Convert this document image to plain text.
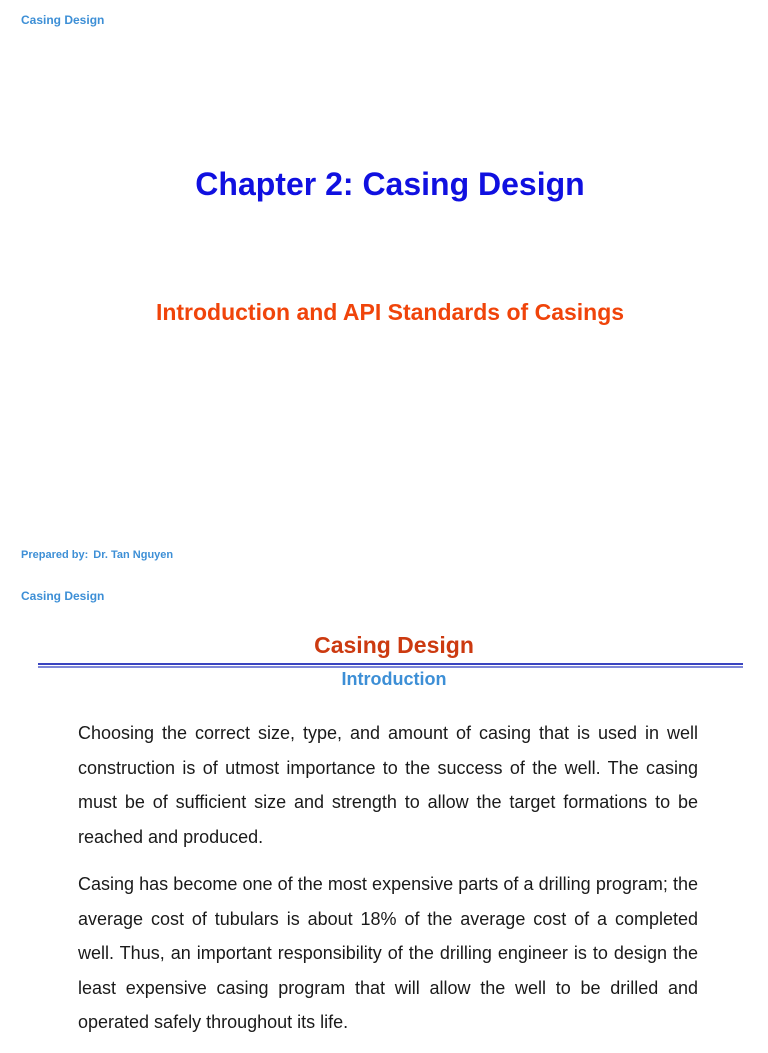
Casing Design
Chapter 2: Casing Design
Introduction and API Standards of Casings
Prepared by: Dr. Tan Nguyen
Casing Design
Casing Design
Introduction

Choosing the correct size, type, and amount of casing that is used in well construction is of utmost importance to the success of the well. The casing must be of sufficient size and strength to allow the target formations to be reached and produced.

Casing has become one of the most expensive parts of a drilling program; the average cost of tubulars is about 18% of the average cost of a completed well. Thus, an important responsibility of the drilling engineer is to design the least expensive casing program that will allow the well to be drilled and operated safely throughout its life.
